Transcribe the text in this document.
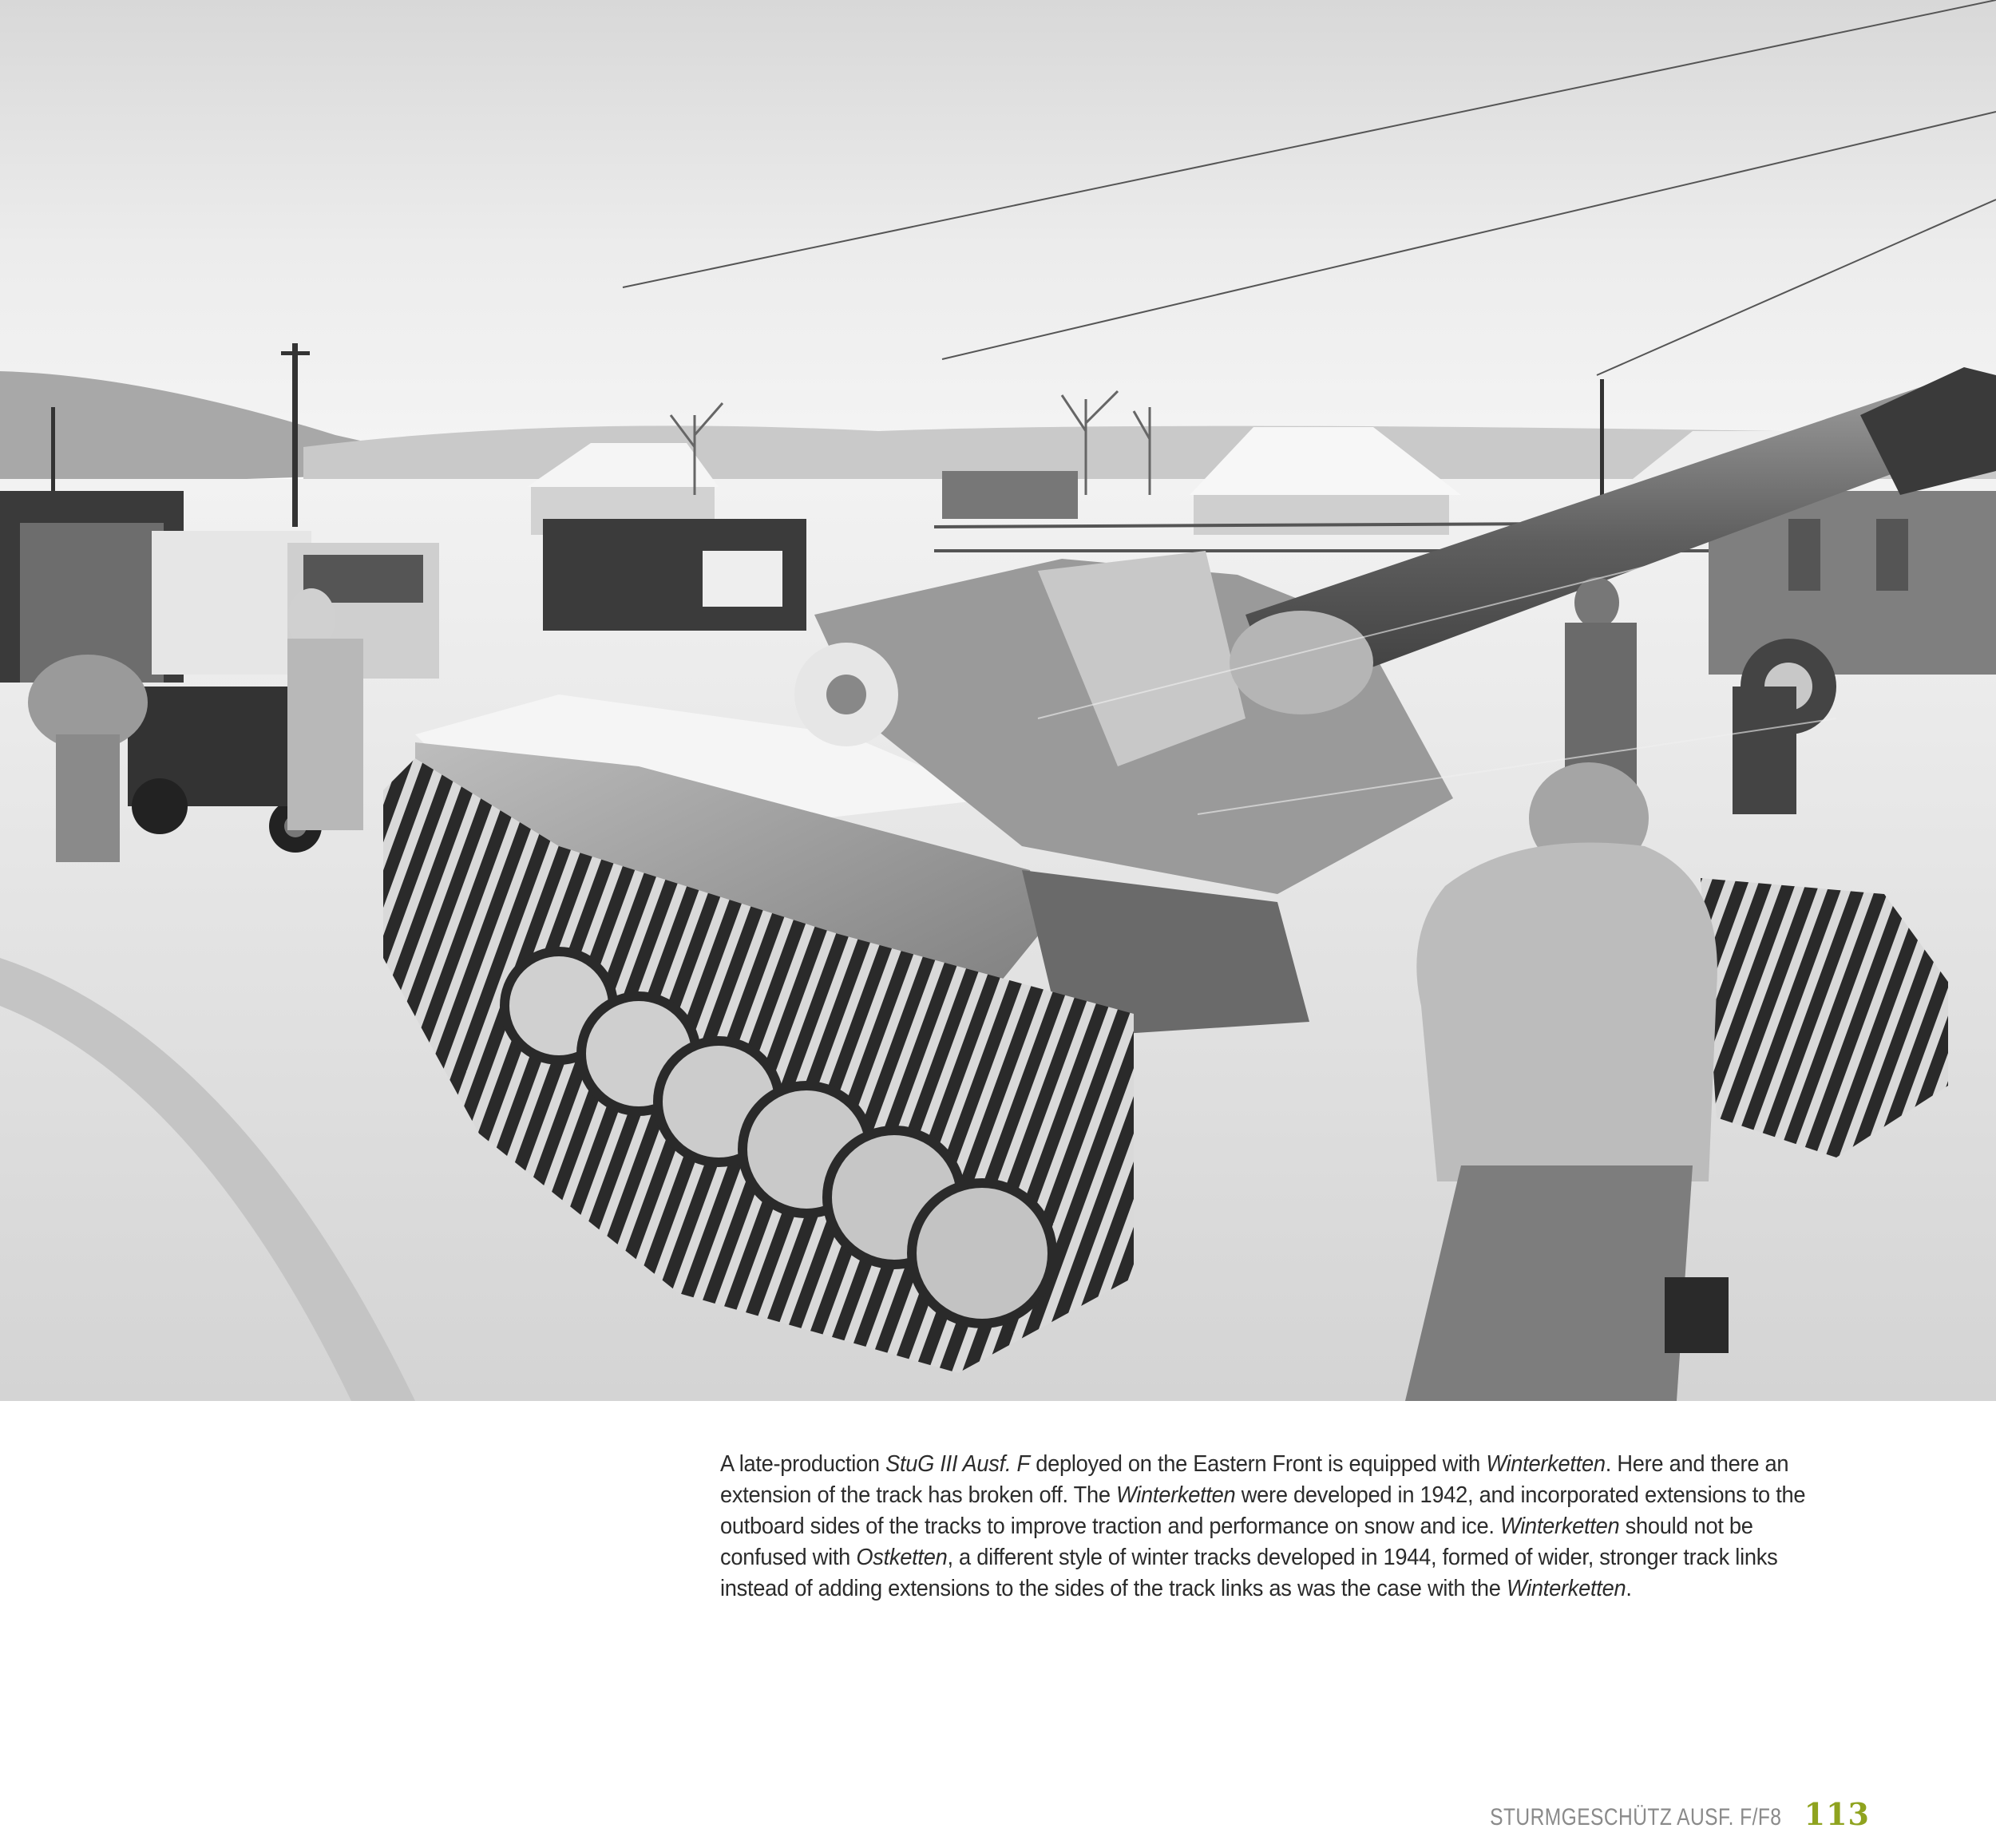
A late-production StuG III Ausf. F deployed on the Eastern Front is equipped with Winterketten. Here and there an extension of the track has broken off. The Winterketten were developed in 1942, and incorporated extensions to the outboard sides of the tracks to improve traction and performance on snow and ice. Winterketten should not be confused with Ostketten, a different style of winter tracks developed in 1944, formed of wider, stronger track links instead of adding extensions to the sides of the track links as was the case with the Winterketten.

STURMGESCHÜTZ AUSF. F/F8 113
